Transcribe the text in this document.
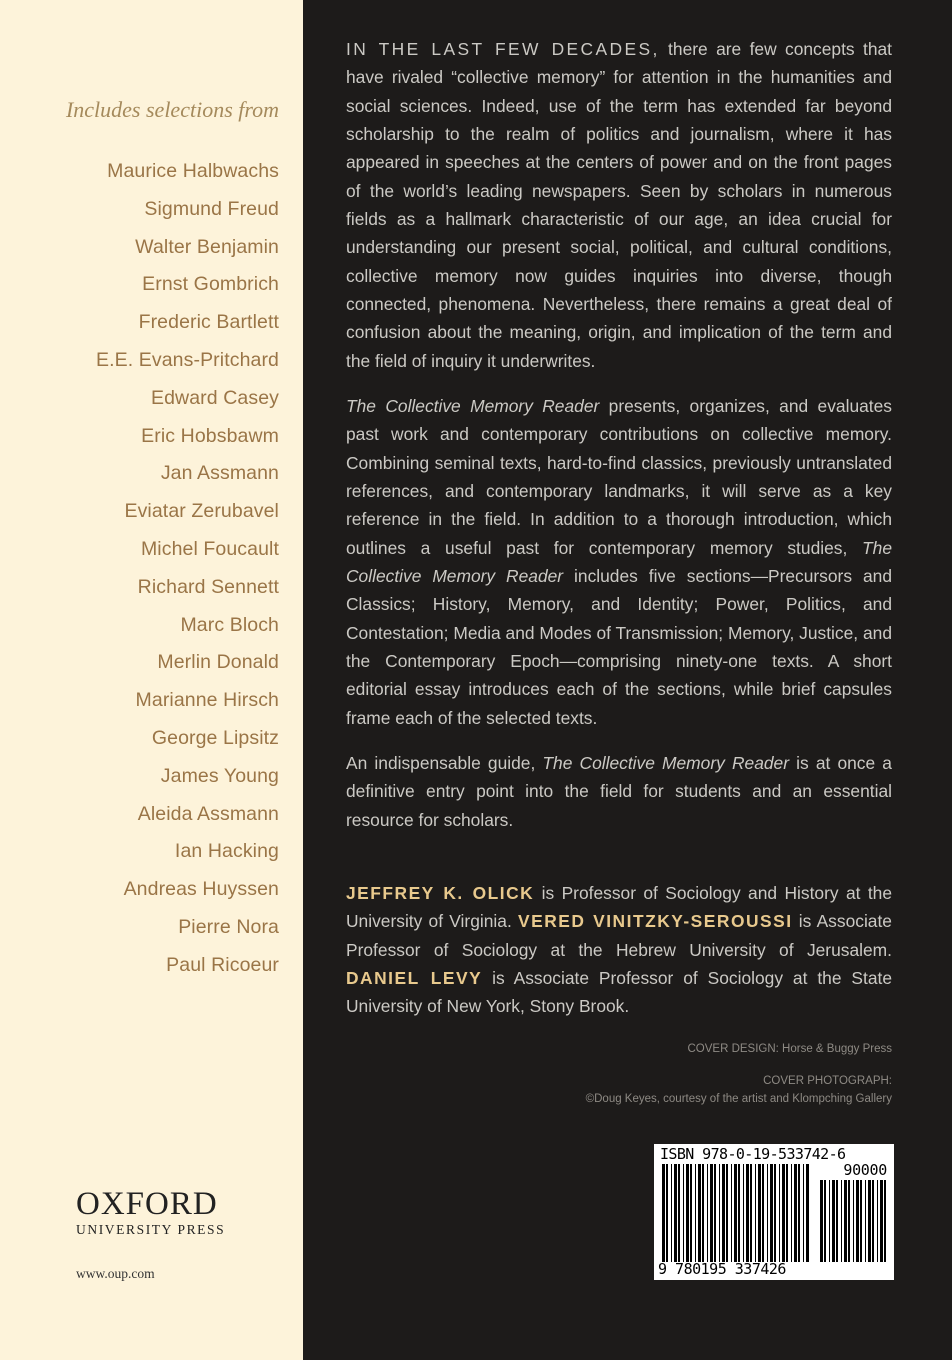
Includes selections from
Maurice Halbwachs
Sigmund Freud
Walter Benjamin
Ernst Gombrich
Frederic Bartlett
E.E. Evans-Pritchard
Edward Casey
Eric Hobsbawm
Jan Assmann
Eviatar Zerubavel
Michel Foucault
Richard Sennett
Marc Bloch
Merlin Donald
Marianne Hirsch
George Lipsitz
James Young
Aleida Assmann
Ian Hacking
Andreas Huyssen
Pierre Nora
Paul Ricoeur
OXFORD
UNIVERSITY PRESS
www.oup.com

IN THE LAST FEW DECADES, there are few concepts that have rivaled “collective memory” for attention in the humanities and social sciences. Indeed, use of the term has extended far beyond scholarship to the realm of politics and journalism, where it has appeared in speeches at the centers of power and on the front pages of the world’s leading newspapers. Seen by scholars in numerous fields as a hallmark characteristic of our age, an idea crucial for understanding our present social, political, and cultural conditions, collective memory now guides inquiries into diverse, though connected, phenomena. Nevertheless, there remains a great deal of confusion about the meaning, origin, and implication of the term and the field of inquiry it underwrites.

The Collective Memory Reader presents, organizes, and evaluates past work and contemporary contributions on collective memory. Combining seminal texts, hard-to-find classics, previously untranslated references, and contemporary landmarks, it will serve as a key reference in the field. In addition to a thorough introduction, which outlines a useful past for contemporary memory studies, The Collective Memory Reader includes five sections—Precursors and Classics; History, Memory, and Identity; Power, Politics, and Contestation; Media and Modes of Transmission; Memory, Justice, and the Contemporary Epoch—comprising ninety-one texts. A short editorial essay introduces each of the sections, while brief capsules frame each of the selected texts.

An indispensable guide, The Collective Memory Reader is at once a definitive entry point into the field for students and an essential resource for scholars.

JEFFREY K. OLICK is Professor of Sociology and History at the University of Virginia. VERED VINITZKY-SEROUSSI is Associate Professor of Sociology at the Hebrew University of Jerusalem. DANIEL LEVY is Associate Professor of Sociology at the State University of New York, Stony Brook.

COVER DESIGN: Horse & Buggy Press
COVER PHOTOGRAPH:
©Doug Keyes, courtesy of the artist and Klompching Gallery
ISBN 978-0-19-533742-6
90000
9 780195 337426
